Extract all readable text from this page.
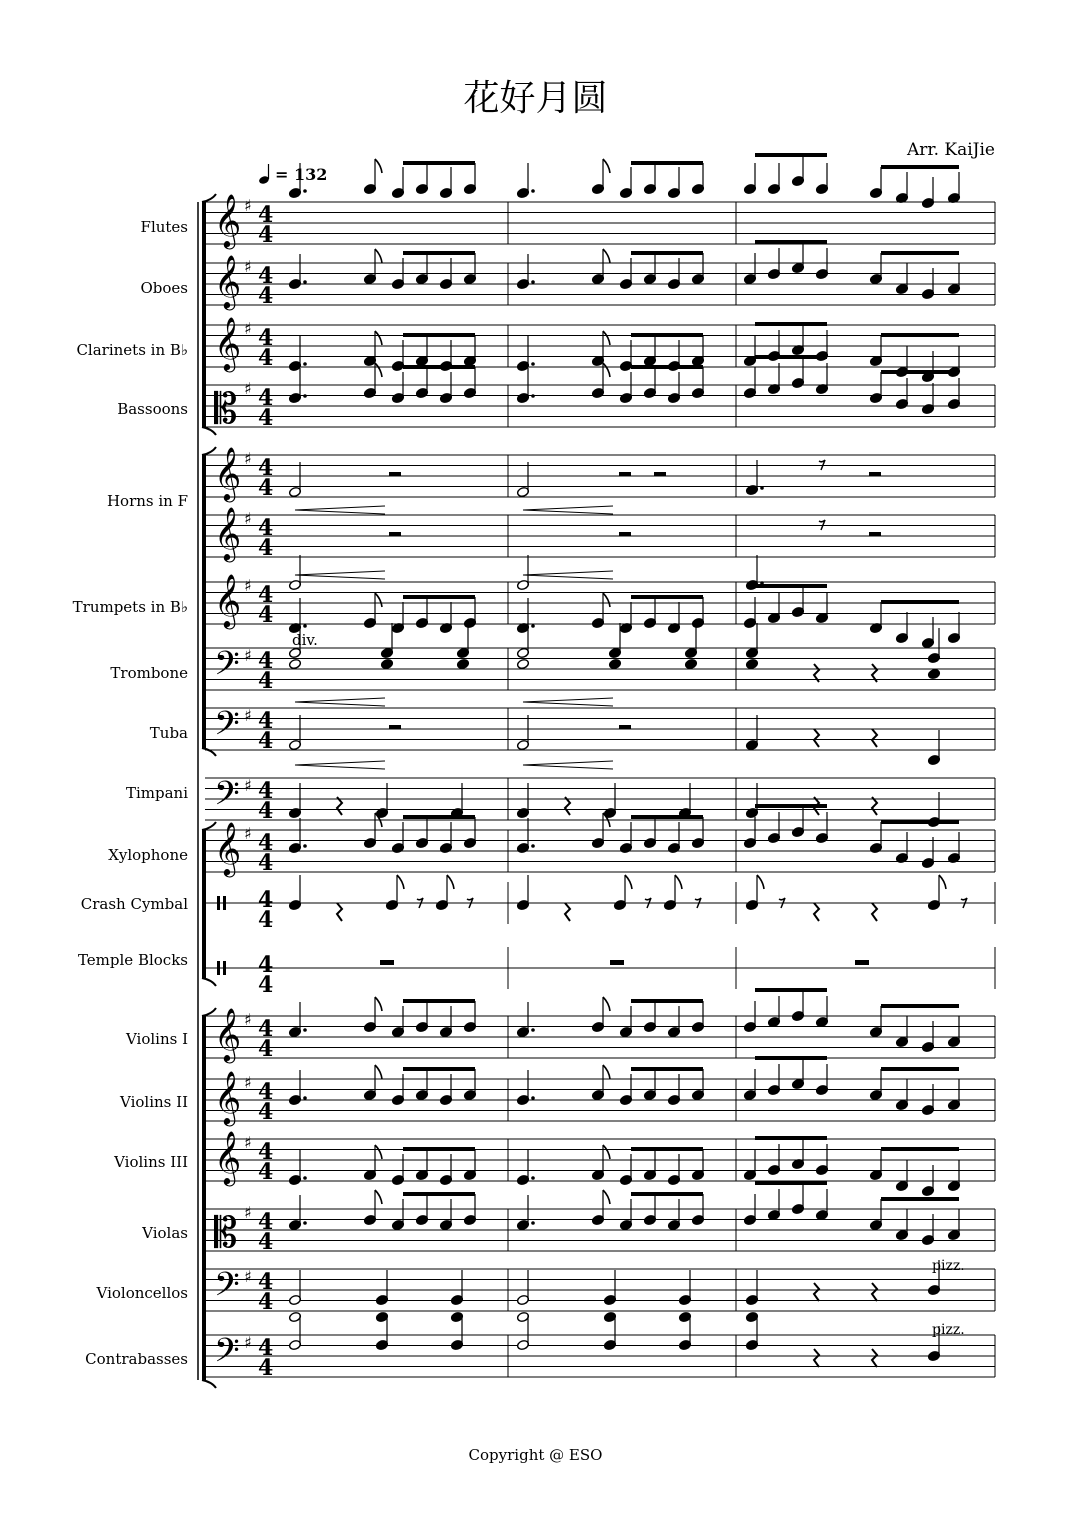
花好月圆
Arr. KaiJie
Flutes
Oboes
Clarinets in B♭
Bassoons
Horns in F
Trumpets in B♭
Trombone
Tuba
Timpani
Xylophone
Crash Cymbal
Temple Blocks
Violins I
Violins II
Violins III
Violas
Violoncellos
Contrabasses
𝄞 ♯ 4
4
𝄞 ♯ 4
4
𝄞 ♯ 4
4
𝄡 ♯ 4
4
𝄞 ♯ 4
4
𝄞 ♯ 4
4
𝄞 ♯ 4
4
𝄢 ♯ 4
4
𝄢 ♯ 4
4
𝄢 ♯ 4
4
𝄞 ♯ 4
4
4
4
4
4
𝄞 ♯ 4
4
𝄞 ♯ 4
4
𝄞 ♯ 4
4
𝄡 ♯ 4
4
𝄢 ♯ 4
4
𝄢 ♯ 4
4
= 132
div.
pizz.
pizz.
Copyright @ ESO
